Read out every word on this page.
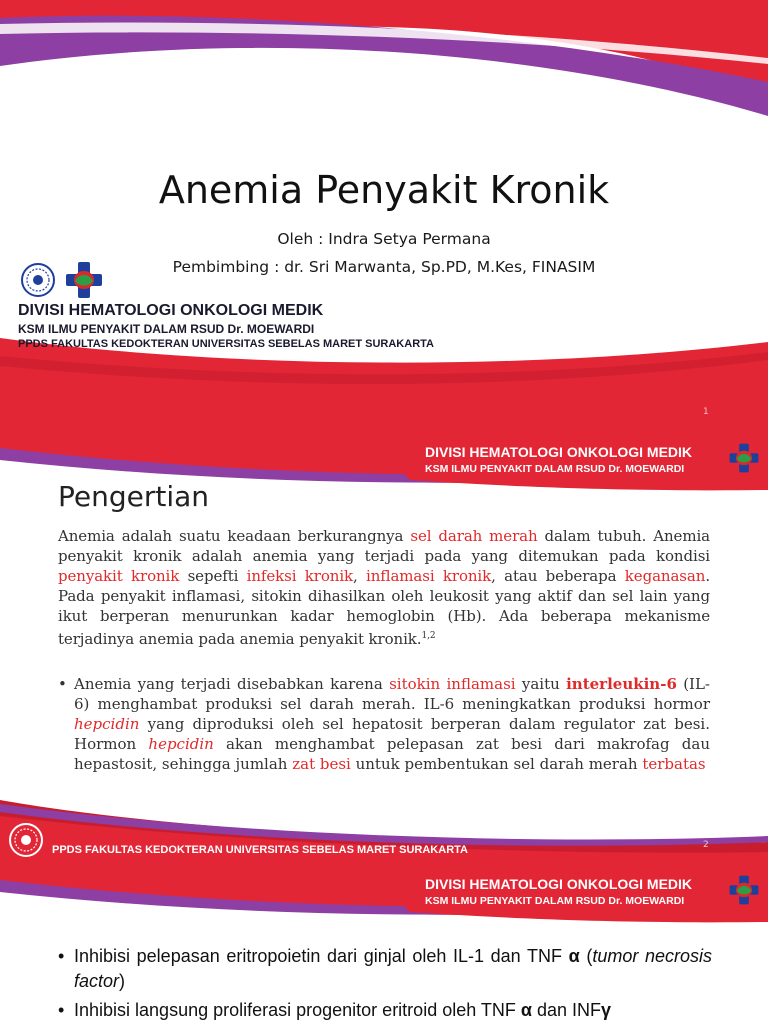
Anemia Penyakit Kronik
Oleh : Indra Setya Permana
Pembimbing : dr. Sri Marwanta, Sp.PD, M.Kes, FINASIM
DIVISI HEMATOLOGI ONKOLOGI MEDIK
KSM ILMU PENYAKIT DALAM RSUD Dr. MOEWARDI
PPDS FAKULTAS KEDOKTERAN UNIVERSITAS SEBELAS MARET SURAKARTA
1
DIVISI HEMATOLOGI ONKOLOGI MEDIK
KSM ILMU PENYAKIT DALAM RSUD Dr. MOEWARDI
Pengertian
Anemia adalah suatu keadaan berkurangnya sel darah merah dalam tubuh. Anemia penyakit kronik adalah anemia yang terjadi pada yang ditemukan pada kondisi penyakit kronik sepefti infeksi kronik, inflamasi kronik, atau beberapa keganasan. Pada penyakit inflamasi, sitokin dihasilkan oleh leukosit yang aktif dan sel lain yang ikut berperan menurunkan kadar hemoglobin (Hb). Ada beberapa mekanisme terjadinya anemia pada anemia penyakit kronik.$^{1,2}$
• Anemia yang terjadi disebabkan karena sitokin inflamasi yaitu interleukin-6 (IL-6) menghambat produksi sel darah merah. IL-6 meningkatkan produksi hormor hepcidin yang diproduksi oleh sel hepatosit berperan dalam regulator zat besi. Hormon hepcidin akan menghambat pelepasan zat besi dari makrofag dau hepastosit, sehingga jumlah zat besi untuk pembentukan sel darah merah terbatas
PPDS FAKULTAS KEDOKTERAN UNIVERSITAS SEBELAS MARET SURAKARTA	2
DIVISI HEMATOLOGI ONKOLOGI MEDIK
KSM ILMU PENYAKIT DALAM RSUD Dr. MOEWARDI
• Inhibisi pelepasan eritropoietin dari ginjal oleh IL-1 dan TNF α (tumor necrosis factor)
• Inhibisi langsung proliferasi progenitor eritroid oleh TNF α dan INFγ
